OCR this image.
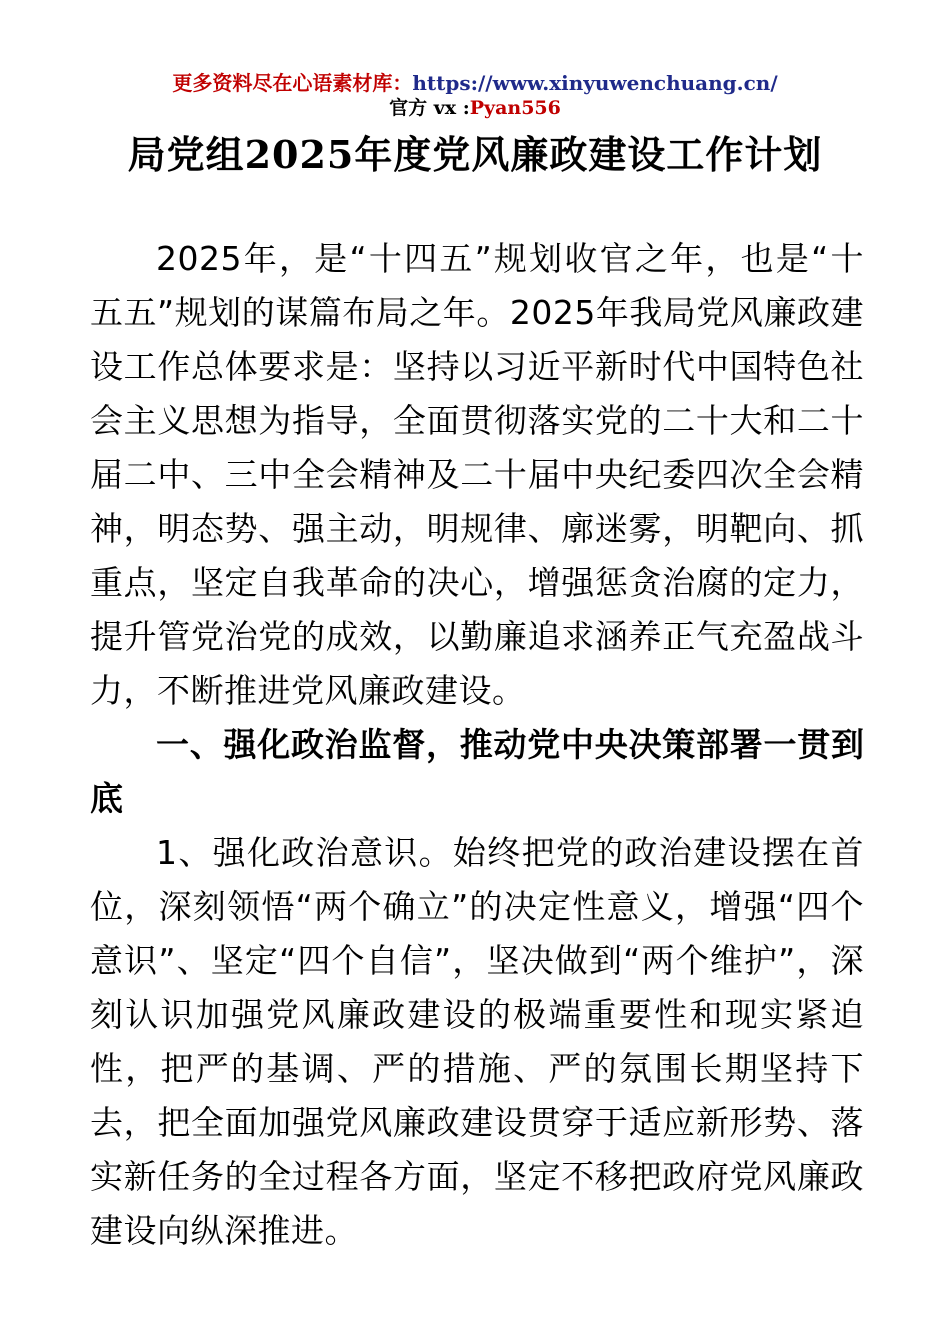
更多资料尽在心语素材库：https://www.xinyuwenchuang.cn/
官方 vx :Pyan556
局党组2025年度党风廉政建设工作计划

2025年，是“十四五”规划收官之年，也是“十五五”规划的谋篇布局之年。2025年我局党风廉政建设工作总体要求是：坚持以习近平新时代中国特色社会主义思想为指导，全面贯彻落实党的二十大和二十届二中、三中全会精神及二十届中央纪委四次全会精神，明态势、强主动，明规律、廓迷雾，明靶向、抓重点，坚定自我革命的决心，增强惩贪治腐的定力，提升管党治党的成效，以勤廉追求涵养正气充盈战斗力，不断推进党风廉政建设。

一、强化政治监督，推动党中央决策部署一贯到底

1、强化政治意识。始终把党的政治建设摆在首位，深刻领悟“两个确立”的决定性意义，增强“四个意识”、坚定“四个自信”，坚决做到“两个维护”，深刻认识加强党风廉政建设的极端重要性和现实紧迫性，把严的基调、严的措施、严的氛围长期坚持下去，把全面加强党风廉政建设贯穿于适应新形势、落实新任务的全过程各方面，坚定不移把政府党风廉政建设向纵深推进。
